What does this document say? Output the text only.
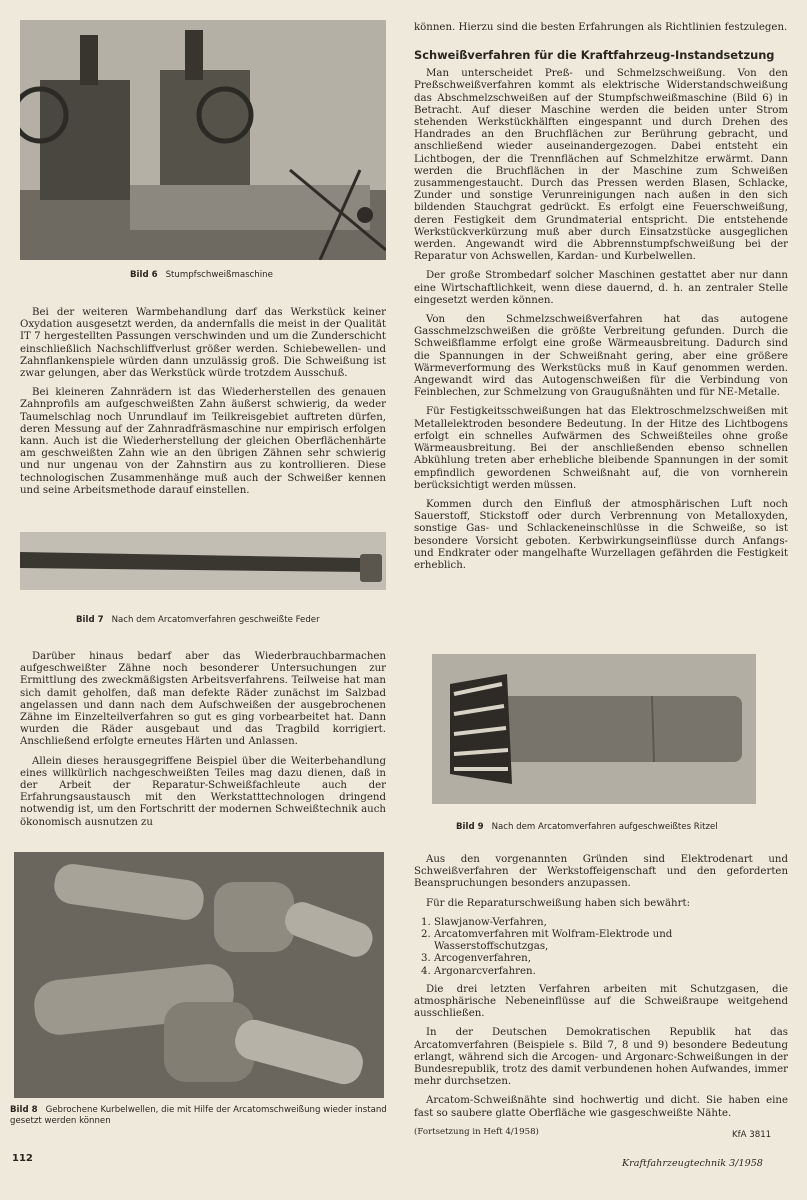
Bild 6 Stumpfschweißmaschine

Bei der weiteren Warmbehandlung darf das Werkstück keiner Oxydation ausgesetzt werden, da andernfalls die meist in der Qualität IT 7 hergestellten Passungen verschwinden und um die Zunderschicht einschließlich Nachschliffverlust größer werden. Schiebewellen- und Zahnflankenspiele würden dann unzulässig groß. Die Schweißung ist zwar gelungen, aber das Werkstück würde trotzdem Ausschuß.

Bei kleineren Zahnrädern ist das Wiederherstellen des genauen Zahnprofils am aufgeschweißten Zahn äußerst schwierig, da weder Taumelschlag noch Unrundlauf im Teilkreisgebiet auftreten dürfen, deren Messung auf der Zahnradfräsmaschine nur empirisch erfolgen kann. Auch ist die Wiederherstellung der gleichen Oberflächenhärte am geschweißten Zahn wie an den übrigen Zähnen sehr schwierig und nur ungenau von der Zahnstirn aus zu kontrollieren. Diese technologischen Zusammenhänge muß auch der Schweißer kennen und seine Arbeitsmethode darauf einstellen.

Bild 7 Nach dem Arcatomverfahren geschweißte Feder

Darüber hinaus bedarf aber das Wiederbrauchbarmachen aufgeschweißter Zähne noch besonderer Untersuchungen zur Ermittlung des zweckmäßigsten Arbeitsverfahrens. Teilweise hat man sich damit geholfen, daß man defekte Räder zunächst im Salzbad angelassen und dann nach dem Aufschweißen der ausgebrochenen Zähne im Einzelteilverfahren so gut es ging vorbearbeitet hat. Dann wurden die Räder ausgebaut und das Tragbild korrigiert. Anschließend erfolgte erneutes Härten und Anlassen.

Allein dieses herausgegriffene Beispiel über die Weiterbehandlung eines willkürlich nachgeschweißten Teiles mag dazu dienen, daß in der Arbeit der Reparatur-Schweißfachleute auch der Erfahrungsaustausch mit den Werkstatttechnologen dringend notwendig ist, um den Fortschritt der modernen Schweißtechnik auch ökonomisch ausnutzen zu

Bild 8 Gebrochene Kurbelwellen, die mit Hilfe der Arcatomschweißung wieder instand gesetzt werden können

können. Hierzu sind die besten Erfahrungen als Richtlinien festzulegen.

Schweißverfahren für die Kraftfahrzeug-Instandsetzung

Man unterscheidet Preß- und Schmelzschweißung. Von den Preßschweißverfahren kommt als elektrische Widerstandschweißung das Abschmelzschweißen auf der Stumpfschweißmaschine (Bild 6) in Betracht. Auf dieser Maschine werden die beiden unter Strom stehenden Werkstückhälften eingespannt und durch Drehen des Handrades an den Bruchflächen zur Berührung gebracht, und anschließend wieder auseinandergezogen. Dabei entsteht ein Lichtbogen, der die Trennflächen auf Schmelzhitze erwärmt. Dann werden die Bruchflächen in der Maschine zum Schweißen zusammengestaucht. Durch das Pressen werden Blasen, Schlacke, Zunder und sonstige Verunreinigungen nach außen in den sich bildenden Stauchgrat gedrückt. Es erfolgt eine Feuerschweißung, deren Festigkeit dem Grundmaterial entspricht. Die entstehende Werkstückverkürzung muß aber durch Einsatzstücke ausgeglichen werden. Angewandt wird die Abbrennstumpfschweißung bei der Reparatur von Achswellen, Kardan- und Kurbelwellen.

Der große Strombedarf solcher Maschinen gestattet aber nur dann eine Wirtschaftlichkeit, wenn diese dauernd, d. h. an zentraler Stelle eingesetzt werden können.

Von den Schmelzschweißverfahren hat das autogene Gasschmelzschweißen die größte Verbreitung gefunden. Durch die Schweißflamme erfolgt eine große Wärmeausbreitung. Dadurch sind die Spannungen in der Schweißnaht gering, aber eine größere Wärmeverformung des Werkstücks muß in Kauf genommen werden. Angewandt wird das Autogenschweißen für die Verbindung von Feinblechen, zur Schmelzung von Graugußnähten und für NE-Metalle.

Für Festigkeitsschweißungen hat das Elektroschmelzschweißen mit Metallelektroden besondere Bedeutung. In der Hitze des Lichtbogens erfolgt ein schnelles Aufwärmen des Schweißteiles ohne große Wärmeausbreitung. Bei der anschließenden ebenso schnellen Abkühlung treten aber erhebliche bleibende Spannungen in der somit empfindlich gewordenen Schweißnaht auf, die von vornherein berücksichtigt werden müssen.

Kommen durch den Einfluß der atmosphärischen Luft noch Sauerstoff, Stickstoff oder durch Verbrennung von Metalloxyden, sonstige Gas- und Schlackeneinschlüsse in die Schweiße, so ist besondere Vorsicht geboten. Kerbwirkungseinflüsse durch Anfangs- und Endkrater oder mangelhafte Wurzellagen gefährden die Festigkeit erheblich.

Bild 9 Nach dem Arcatomverfahren aufgeschweißtes Ritzel

Aus den vorgenannten Gründen sind Elektrodenart und Schweißverfahren der Werkstoffeigenschaft und den geforderten Beanspruchungen besonders anzupassen.

Für die Reparaturschweißung haben sich bewährt:

1. Slawjanow-Verfahren,
2. Arcatomverfahren mit Wolfram-Elektrode und Wasserstoffschutzgas,
3. Arcogenverfahren,
4. Argonarcverfahren.

Die drei letzten Verfahren arbeiten mit Schutzgasen, die atmosphärische Nebeneinflüsse auf die Schweißraupe weitgehend ausschließen.

In der Deutschen Demokratischen Republik hat das Arcatomverfahren (Beispiele s. Bild 7, 8 und 9) besondere Bedeutung erlangt, während sich die Arcogen- und Argonarc-Schweißungen in der Bundesrepublik, trotz des damit verbundenen hohen Aufwandes, immer mehr durchsetzen.

Arcatom-Schweißnähte sind hochwertig und dicht. Sie haben eine fast so saubere glatte Oberfläche wie gasgeschweißte Nähte.

(Fortsetzung in Heft 4/1958)	KfA 3811
112	Kraftfahrzeugtechnik 3/1958
